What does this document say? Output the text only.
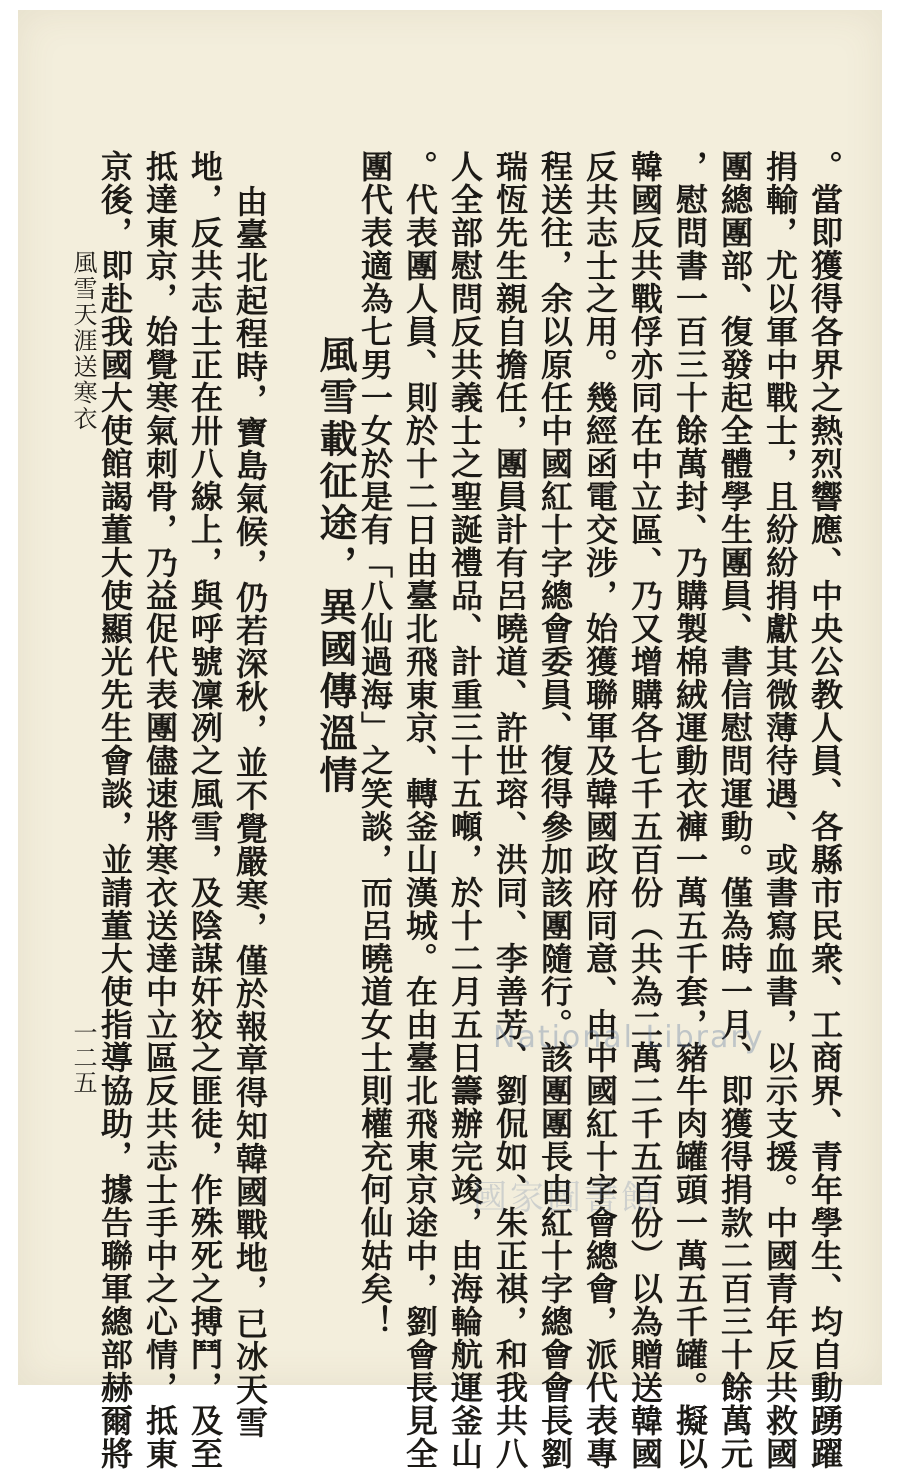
。當即獲得各界之熱烈響應、中央公教人員、各縣市民衆、工商界、青年學生、均自動踴躍
捐輸，尤以軍中戰士，且紛紛捐獻其微薄待遇、或書寫血書，以示支援。中國青年反共救國
團總團部、復發起全體學生團員、書信慰問運動。僅為時一月、即獲得捐款二百三十餘萬元
，慰問書一百三十餘萬封、乃購製棉絨運動衣褲一萬五千套，豬牛肉罐頭一萬五千罐。擬以
韓國反共戰俘亦同在中立區、乃又增購各七千五百份（共為二萬二千五百份）以為贈送韓國
反共志士之用。幾經函電交涉，始獲聯軍及韓國政府同意、由中國紅十字會總會，派代表專
程送往，余以原任中國紅十字總會委員、復得參加該團隨行。該團團長由紅十字總會會長劉
瑞恆先生親自擔任，團員計有呂曉道、許世瑢、洪同、李善芳、劉侃如、朱正祺，和我共八
人全部慰問反共義士之聖誕禮品、計重三十五噸，於十二月五日籌辦完竣，由海輪航運釜山
。代表團人員、則於十二日由臺北飛東京、轉釜山漢城。在由臺北飛東京途中，劉會長見全
團代表適為七男一女於是有「八仙過海」之笑談，而呂曉道女士則權充何仙姑矣！
風雪載征途，異國傳溫情
由臺北起程時，寶島氣候，仍若深秋，並不覺嚴寒，僅於報章得知韓國戰地，已冰天雪
地，反共志士正在卅八線上，與呼號凜冽之風雪，及陰謀奸狡之匪徒，作殊死之搏鬥，及至
抵達東京，始覺寒氣刺骨，乃益促代表團儘速將寒衣送達中立區反共志士手中之心情，抵東
京後，即赴我國大使館謁董大使顯光先生會談，並請董大使指導協助，據告聯軍總部赫爾將
風雪天涯送寒衣
一二五	National Library
國家圖書館
